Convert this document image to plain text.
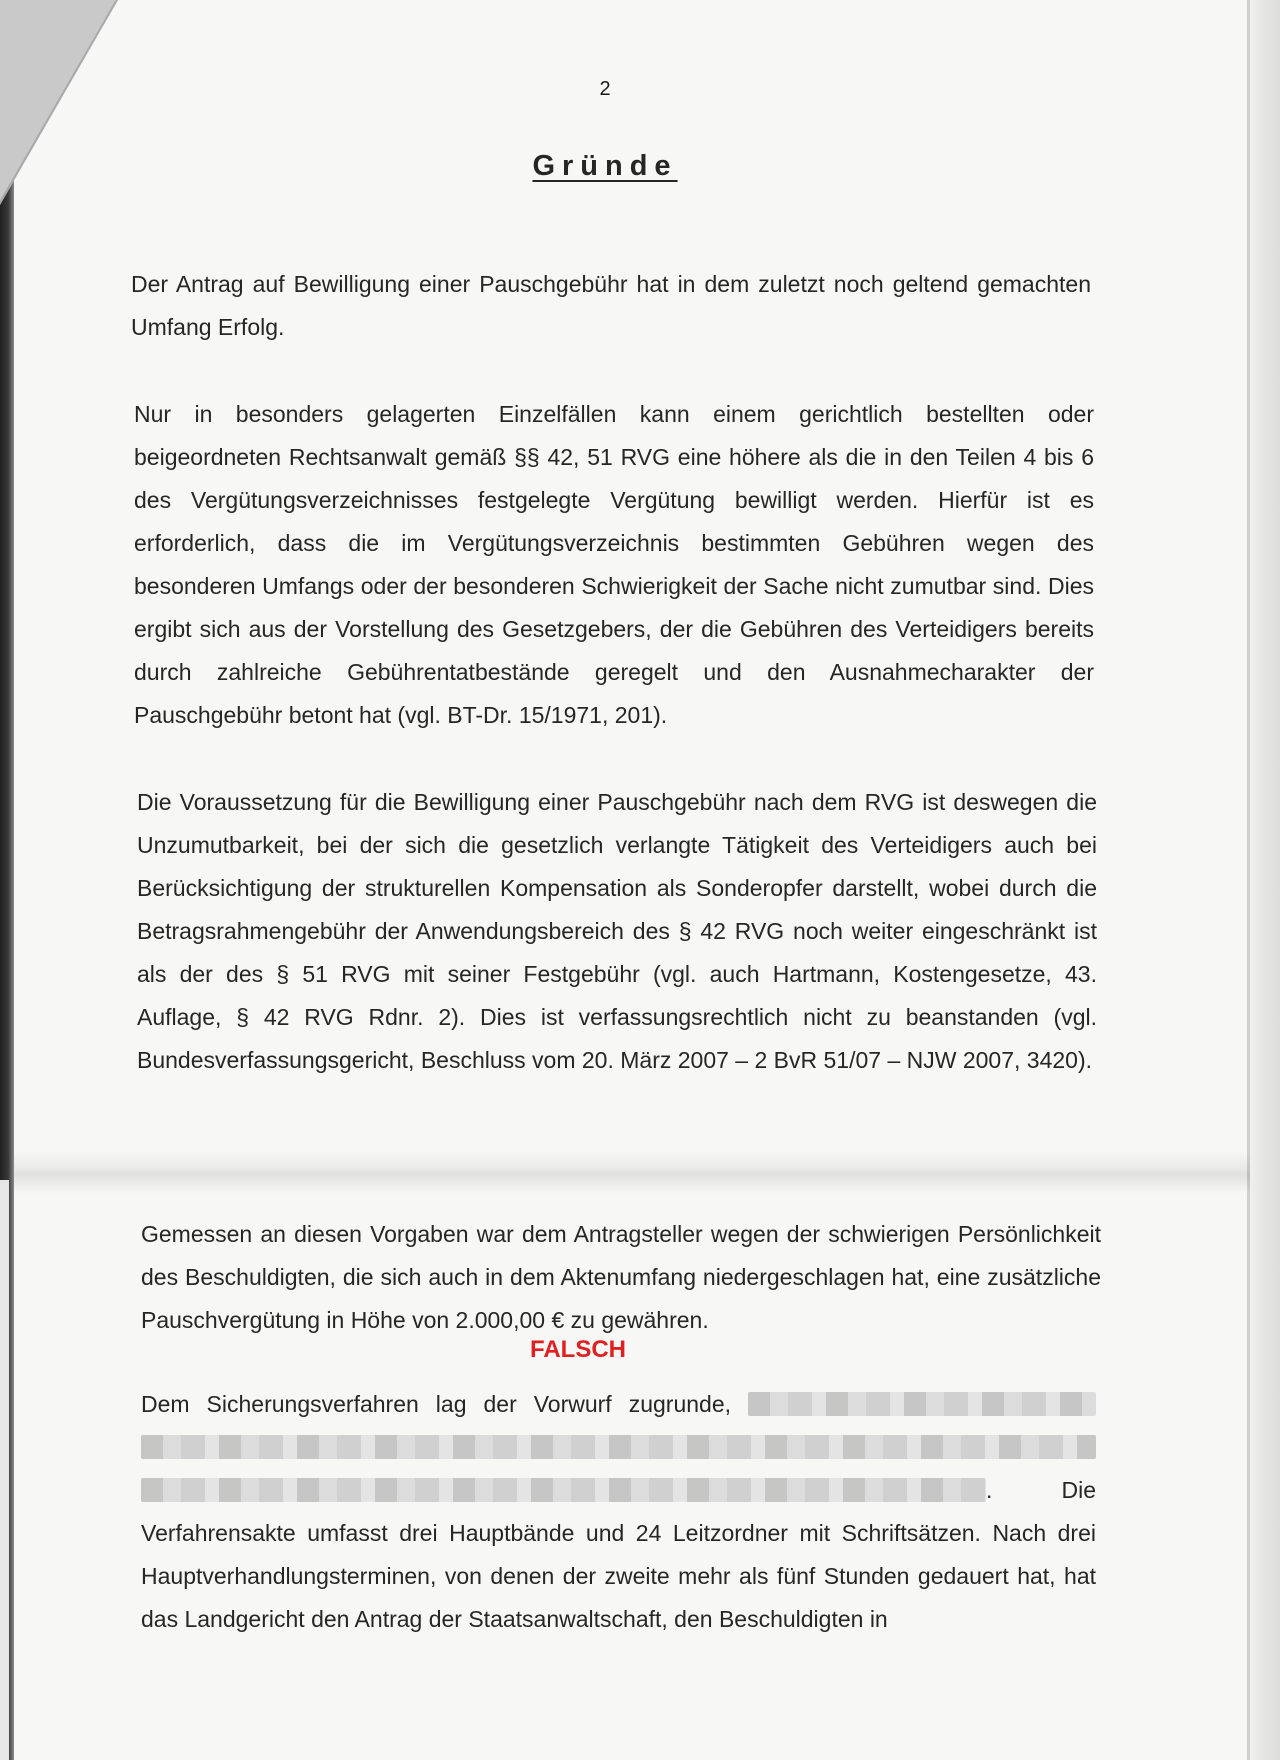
2
Gründe

Der Antrag auf Bewilligung einer Pauschgebühr hat in dem zuletzt noch geltend gemachten Umfang Erfolg.

Nur in besonders gelagerten Einzelfällen kann einem gerichtlich bestellten oder beigeordneten Rechtsanwalt gemäß §§ 42, 51 RVG eine höhere als die in den Teilen 4 bis 6 des Vergütungsverzeichnisses festgelegte Vergütung bewilligt werden. Hierfür ist es erforderlich, dass die im Vergütungsverzeichnis bestimmten Gebühren wegen des besonderen Umfangs oder der besonderen Schwierigkeit der Sache nicht zumutbar sind. Dies ergibt sich aus der Vorstellung des Gesetzgebers, der die Gebühren des Verteidigers bereits durch zahlreiche Gebührentatbestände geregelt und den Ausnahmecharakter der Pauschgebühr betont hat (vgl. BT-Dr. 15/1971, 201).

Die Voraussetzung für die Bewilligung einer Pauschgebühr nach dem RVG ist deswegen die Unzumutbarkeit, bei der sich die gesetzlich verlangte Tätigkeit des Verteidigers auch bei Berücksichtigung der strukturellen Kompensation als Sonderopfer darstellt, wobei durch die Betragsrahmengebühr der Anwendungsbereich des § 42 RVG noch weiter eingeschränkt ist als der des § 51 RVG mit seiner Festgebühr (vgl. auch Hartmann, Kostengesetze, 43. Auflage, § 42 RVG Rdnr. 2). Dies ist verfassungsrechtlich nicht zu beanstanden (vgl. Bundesverfassungsgericht, Beschluss vom 20. März 2007 – 2 BvR 51/07 – NJW 2007, 3420).

Gemessen an diesen Vorgaben war dem Antragsteller wegen der schwierigen Persönlichkeit des Beschuldigten, die sich auch in dem Aktenumfang niedergeschlagen hat, eine zusätzliche Pauschvergütung in Höhe von 2.000,00 € zu gewähren.

FALSCH

Dem Sicherungsverfahren lag der Vorwurf zugrunde,   . Die Verfahrensakte umfasst drei Hauptbände und 24 Leitzordner mit Schriftsätzen. Nach drei Hauptverhandlungsterminen, von denen der zweite mehr als fünf Stunden gedauert hat, hat das Landgericht den Antrag der Staatsanwaltschaft, den Beschuldigten in
